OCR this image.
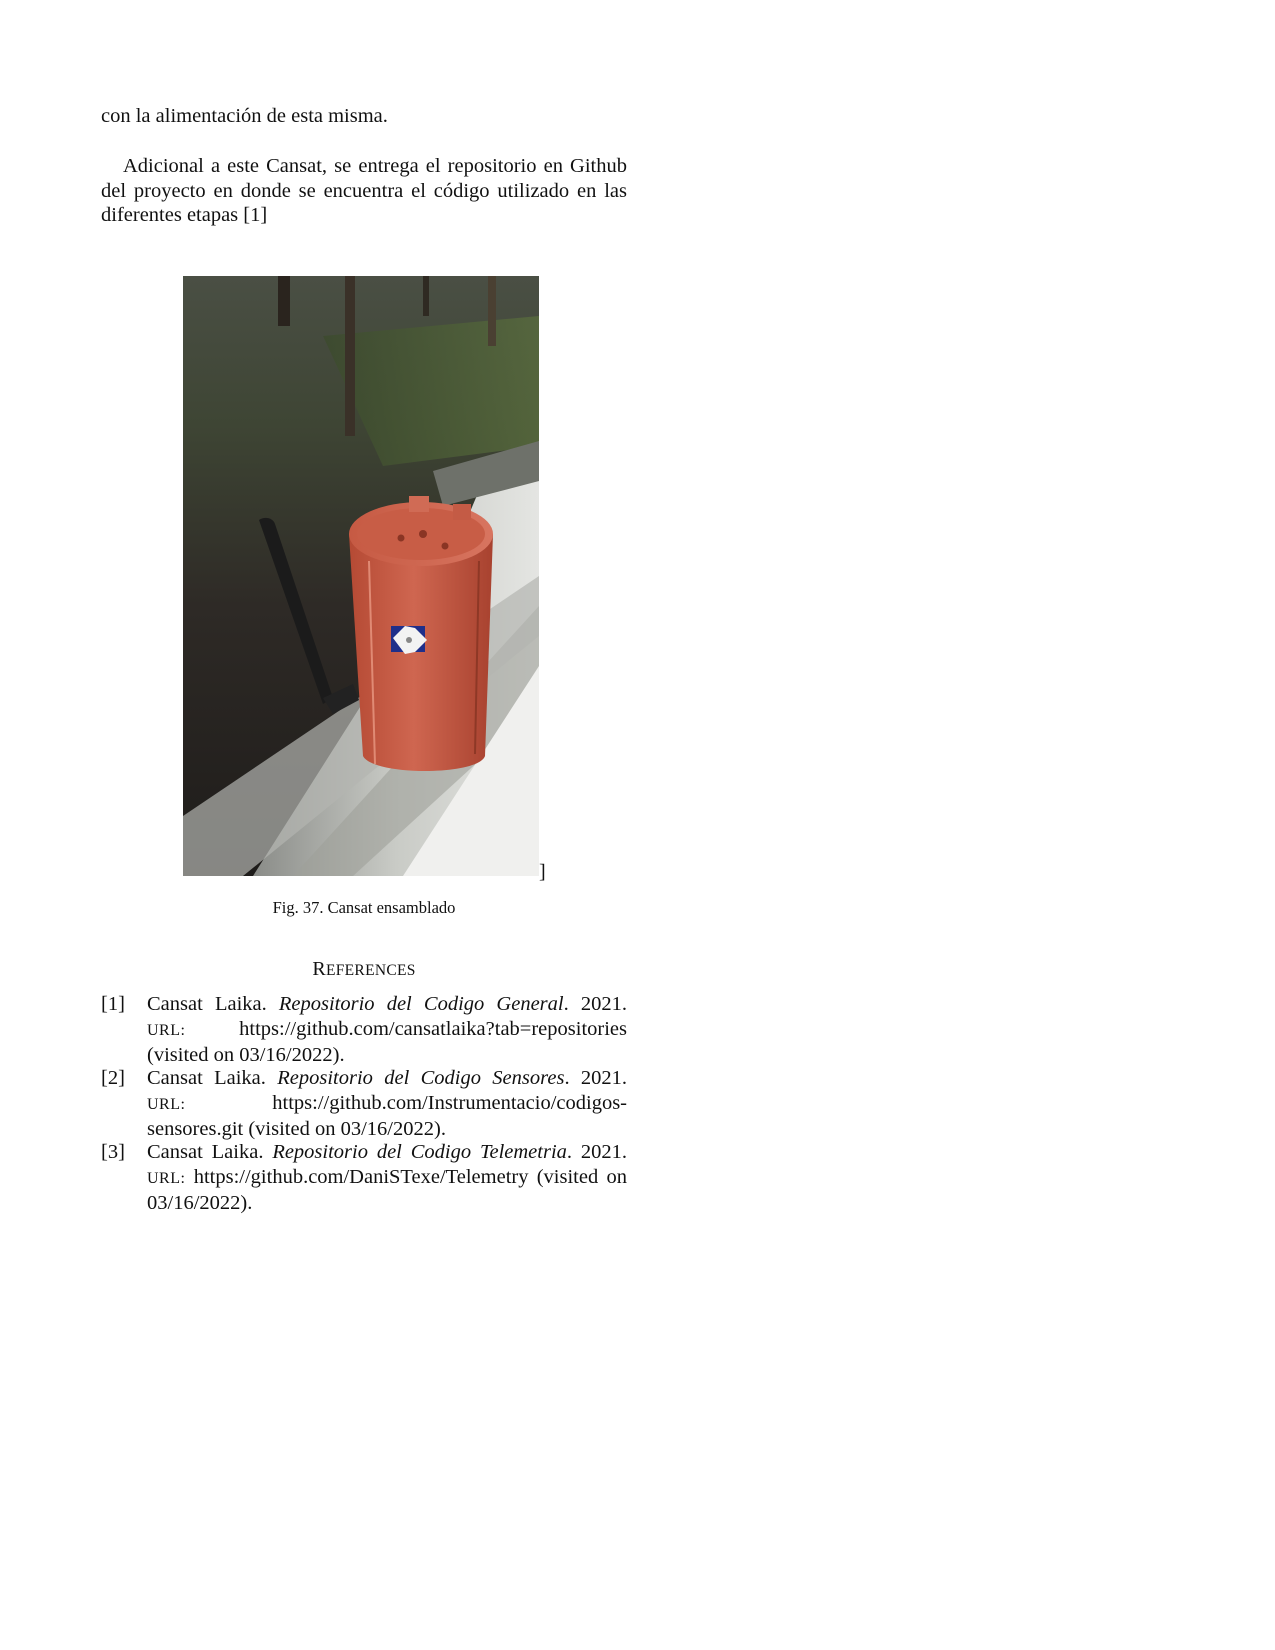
con la alimentación de esta misma.
Adicional a este Cansat, se entrega el repositorio en Github del proyecto en donde se encuentra el código utilizado en las diferentes etapas [1]
]
Fig. 37. Cansat ensamblado
REFERENCES
[1]	Cansat Laika. Repositorio del Codigo General. 2021. URL:	https://github.com/cansatlaika?tab=repositories (visited on 03/16/2022).
[2]	Cansat Laika. Repositorio del Codigo Sensores. 2021. URL:	https://github.com/Instrumentacio/codigos-sensores.git (visited on 03/16/2022).
[3]	Cansat Laika. Repositorio del Codigo Telemetria. 2021. URL: https://github.com/DaniSTexe/Telemetry (visited on 03/16/2022).
